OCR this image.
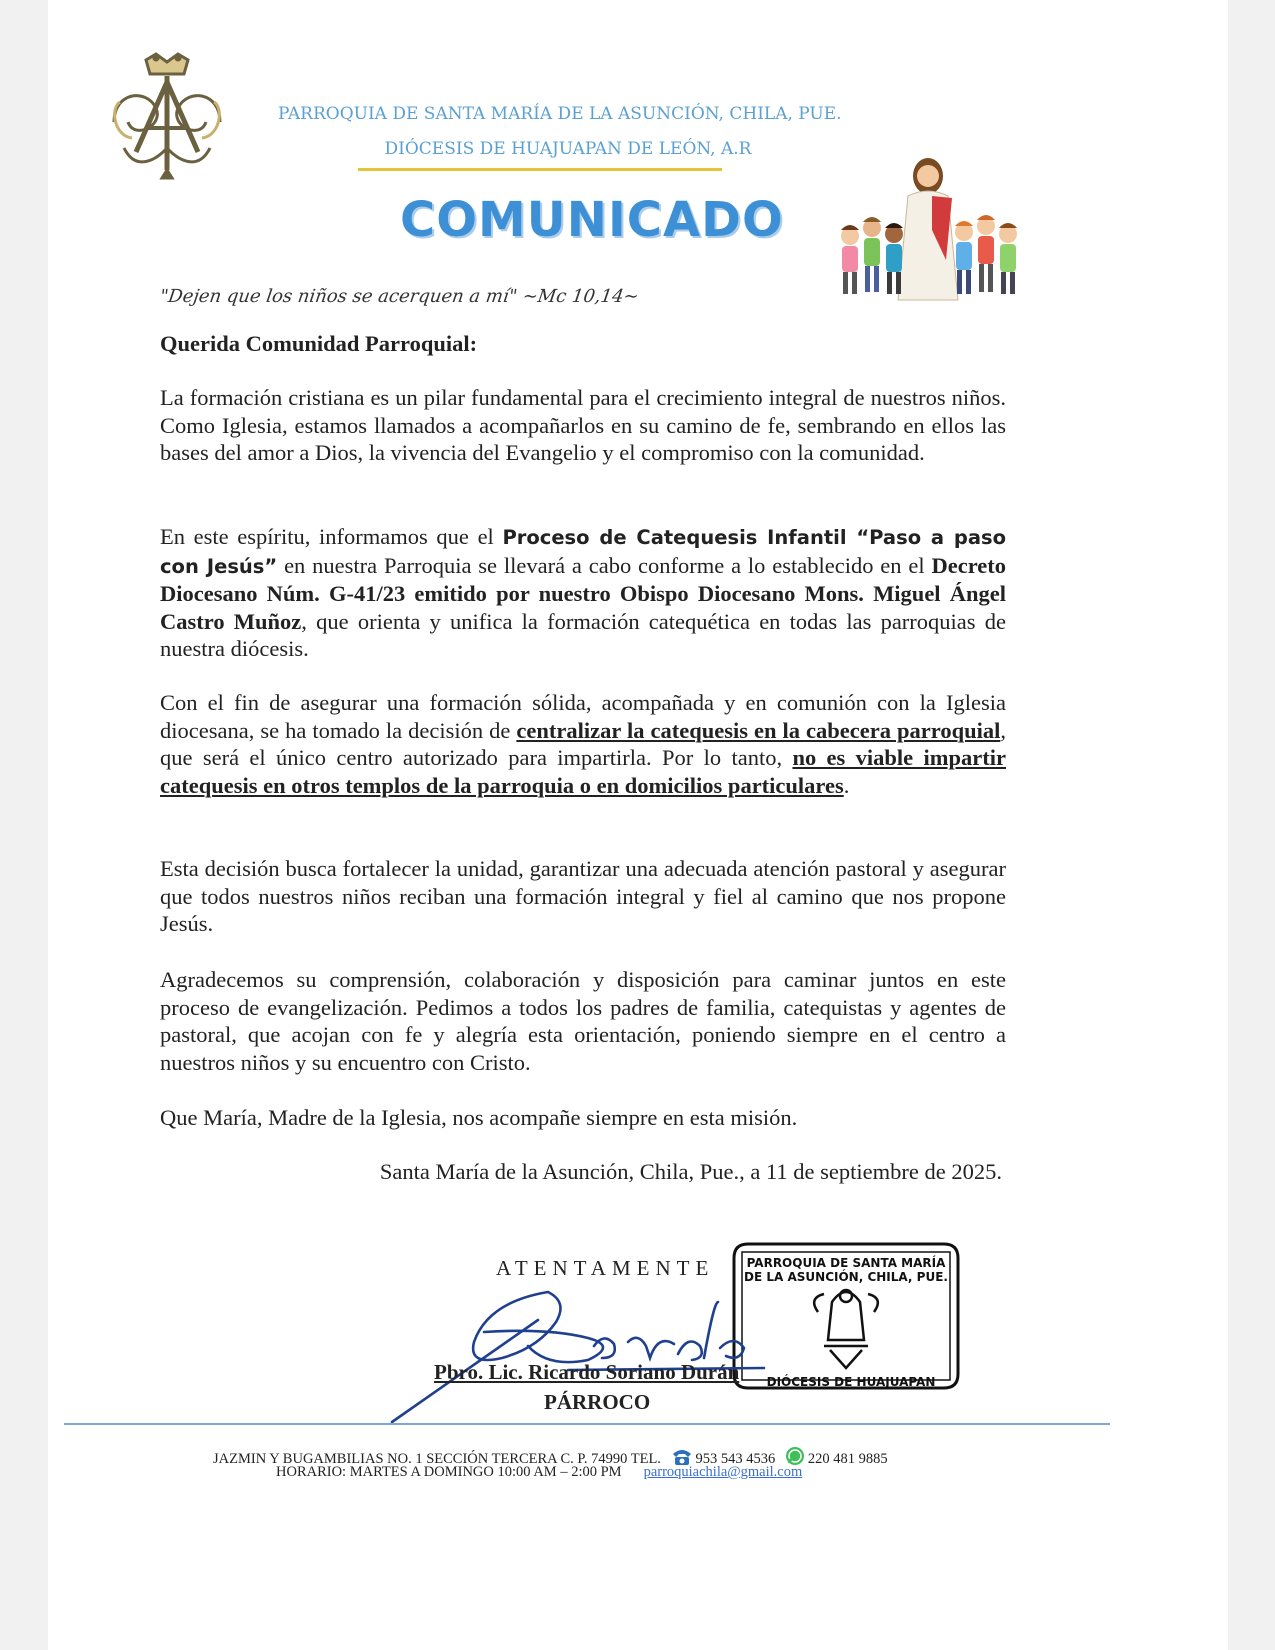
PARROQUIA DE SANTA MARÍA DE LA ASUNCIÓN, CHILA, PUE.
DIÓCESIS DE HUAJUAPAN DE LEÓN, A.R
COMUNICADO
"Dejen que los niños se acerquen a mí" ~Mc 10,14~
Querida Comunidad Parroquial:
La formación cristiana es un pilar fundamental para el crecimiento integral de nuestros niños. Como Iglesia, estamos llamados a acompañarlos en su camino de fe, sembrando en ellos las bases del amor a Dios, la vivencia del Evangelio y el compromiso con la comunidad.
En este espíritu, informamos que el Proceso de Catequesis Infantil “Paso a paso con Jesús” en nuestra Parroquia se llevará a cabo conforme a lo establecido en el Decreto Diocesano Núm. G-41/23 emitido por nuestro Obispo Diocesano Mons. Miguel Ángel Castro Muñoz, que orienta y unifica la formación catequética en todas las parroquias de nuestra diócesis.
Con el fin de asegurar una formación sólida, acompañada y en comunión con la Iglesia diocesana, se ha tomado la decisión de centralizar la catequesis en la cabecera parroquial, que será el único centro autorizado para impartirla. Por lo tanto, no es viable impartir catequesis en otros templos de la parroquia o en domicilios particulares.
Esta decisión busca fortalecer la unidad, garantizar una adecuada atención pastoral y asegurar que todos nuestros niños reciban una formación integral y fiel al camino que nos propone Jesús.
Agradecemos su comprensión, colaboración y disposición para caminar juntos en este proceso de evangelización. Pedimos a todos los padres de familia, catequistas y agentes de pastoral, que acojan con fe y alegría esta orientación, poniendo siempre en el centro a nuestros niños y su encuentro con Cristo.
Que María, Madre de la Iglesia, nos acompañe siempre en esta misión.
Santa María de la Asunción, Chila, Pue., a 11 de septiembre de 2025.
PARROQUIA DE SANTA MARÍA DE LA ASUNCIÓN, CHILA, PUE.
DIÓCESIS DE HUAJUAPAN
ATENTAMENTE
Pbro. Lic. Ricardo Soriano Durán
PÁRROCO
JAZMIN Y BUGAMBILIAS NO. 1 SECCIÓN TERCERA C. P. 74990 TEL. 953 543 4536 220 481 9885
HORARIO: MARTES A DOMINGO 10:00 AM – 2:00 PM parroquiachila@gmail.com
